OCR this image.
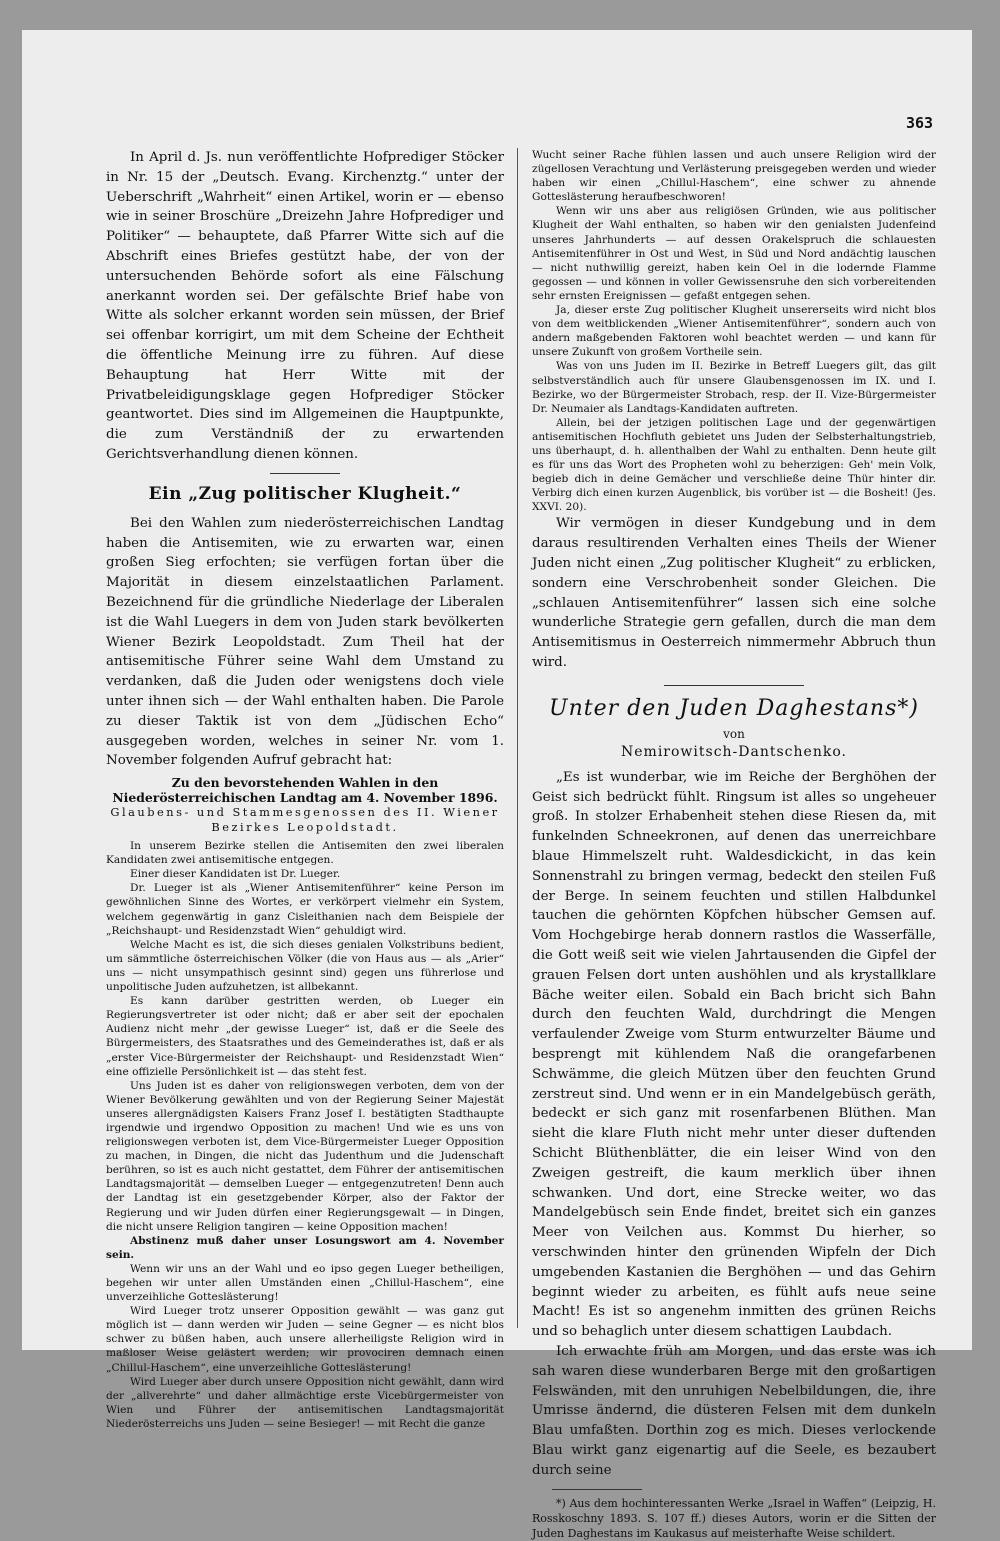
363

In April d. Js. nun veröffentlichte Hofprediger Stöcker in Nr. 15 der „Deutsch. Evang. Kirchenztg.“ unter der Ueberschrift „Wahrheit“ einen Artikel, worin er — ebenso wie in seiner Broschüre „Dreizehn Jahre Hofprediger und Politiker“ — behauptete, daß Pfarrer Witte sich auf die Abschrift eines Briefes gestützt habe, der von der untersuchenden Behörde sofort als eine Fälschung anerkannt worden sei. Der gefälschte Brief habe von Witte als solcher erkannt worden sein müssen, der Brief sei offenbar korrigirt, um mit dem Scheine der Echtheit die öffentliche Meinung irre zu führen. Auf diese Behauptung hat Herr Witte mit der Privatbeleidigungsklage gegen Hofprediger Stöcker geantwortet. Dies sind im Allgemeinen die Hauptpunkte, die zum Verständniß der zu erwartenden Gerichtsverhandlung dienen können.

Ein „Zug politischer Klugheit.“

Bei den Wahlen zum niederösterreichischen Landtag haben die Antisemiten, wie zu erwarten war, einen großen Sieg erfochten; sie verfügen fortan über die Majorität in diesem einzelstaatlichen Parlament. Bezeichnend für die gründliche Niederlage der Liberalen ist die Wahl Luegers in dem von Juden stark bevölkerten Wiener Bezirk Leopoldstadt. Zum Theil hat der antisemitische Führer seine Wahl dem Umstand zu verdanken, daß die Juden oder wenigstens doch viele unter ihnen sich — der Wahl enthalten haben. Die Parole zu dieser Taktik ist von dem „Jüdischen Echo“ ausgegeben worden, welches in seiner Nr. vom 1. November folgenden Aufruf gebracht hat:

Zu den bevorstehenden Wahlen in den Niederösterreichischen Landtag am 4. November 1896.
Glaubens- und Stammesgenossen des II. Wiener Bezirkes Leopoldstadt.

In unserem Bezirke stellen die Antisemiten den zwei liberalen Kandidaten zwei antisemitische entgegen.

Einer dieser Kandidaten ist Dr. Lueger.

Dr. Lueger ist als „Wiener Antisemitenführer“ keine Person im gewöhnlichen Sinne des Wortes, er verkörpert vielmehr ein System, welchem gegenwärtig in ganz Cisleithanien nach dem Beispiele der „Reichshaupt- und Residenzstadt Wien“ gehuldigt wird.

Welche Macht es ist, die sich dieses genialen Volkstribuns bedient, um sämmtliche österreichischen Völker (die von Haus aus — als „Arier“ uns — nicht unsympathisch gesinnt sind) gegen uns führerlose und unpolitische Juden aufzuhetzen, ist allbekannt.

Es kann darüber gestritten werden, ob Lueger ein Regierungsvertreter ist oder nicht; daß er aber seit der epochalen Audienz nicht mehr „der gewisse Lueger“ ist, daß er die Seele des Bürgermeisters, des Staatsrathes und des Gemeinderathes ist, daß er als „erster Vice-Bürgermeister der Reichshaupt- und Residenzstadt Wien“ eine offizielle Persönlichkeit ist — das steht fest.

Uns Juden ist es daher von religionswegen verboten, dem von der Wiener Bevölkerung gewählten und von der Regierung Seiner Majestät unseres allergnädigsten Kaisers Franz Josef I. bestätigten Stadthaupte irgendwie und irgendwo Opposition zu machen! Und wie es uns von religionswegen verboten ist, dem Vice-Bürgermeister Lueger Opposition zu machen, in Dingen, die nicht das Judenthum und die Judenschaft berühren, so ist es auch nicht gestattet, dem Führer der antisemitischen Landtagsmajorität — demselben Lueger — entgegenzutreten! Denn auch der Landtag ist ein gesetzgebender Körper, also der Faktor der Regierung und wir Juden dürfen einer Regierungsgewalt — in Dingen, die nicht unsere Religion tangiren — keine Opposition machen!

Abstinenz muß daher unser Losungswort am 4. November sein.

Wenn wir uns an der Wahl und eo ipso gegen Lueger betheiligen, begehen wir unter allen Umständen einen „Chillul-Haschem“, eine unverzeihliche Gotteslästerung!

Wird Lueger trotz unserer Opposition gewählt — was ganz gut möglich ist — dann werden wir Juden — seine Gegner — es nicht blos schwer zu büßen haben, auch unsere allerheiligste Religion wird in maßloser Weise gelästert werden; wir provociren demnach einen „Chillul-Haschem“, eine unverzeihliche Gotteslästerung!

Wird Lueger aber durch unsere Opposition nicht gewählt, dann wird der „allverehrte“ und daher allmächtige erste Vicebürgermeister von Wien und Führer der antisemitischen Landtagsmajorität Niederösterreichs uns Juden — seine Besieger! — mit Recht die ganze

Wucht seiner Rache fühlen lassen und auch unsere Religion wird der zügellosen Verachtung und Verlästerung preisgegeben werden und wieder haben wir einen „Chillul-Haschem“, eine schwer zu ahnende Gotteslästerung heraufbeschworen!

Wenn wir uns aber aus religiösen Gründen, wie aus politischer Klugheit der Wahl enthalten, so haben wir den genialsten Judenfeind unseres Jahrhunderts — auf dessen Orakelspruch die schlauesten Antisemitenführer in Ost und West, in Süd und Nord andächtig lauschen — nicht nuthwillig gereizt, haben kein Oel in die lodernde Flamme gegossen — und können in voller Gewissensruhe den sich vorbereitenden sehr ernsten Ereignissen — gefaßt entgegen sehen.

Ja, dieser erste Zug politischer Klugheit unsererseits wird nicht blos von dem weitblickenden „Wiener Antisemitenführer“, sondern auch von andern maßgebenden Faktoren wohl beachtet werden — und kann für unsere Zukunft von großem Vortheile sein.

Was von uns Juden im II. Bezirke in Betreff Luegers gilt, das gilt selbstverständlich auch für unsere Glaubensgenossen im IX. und I. Bezirke, wo der Bürgermeister Strobach, resp. der II. Vize-Bürgermeister Dr. Neumaier als Landtags-Kandidaten auftreten.

Allein, bei der jetzigen politischen Lage und der gegenwärtigen antisemitischen Hochfluth gebietet uns Juden der Selbsterhaltungstrieb, uns überhaupt, d. h. allenthalben der Wahl zu enthalten. Denn heute gilt es für uns das Wort des Propheten wohl zu beherzigen: Geh' mein Volk, begieb dich in deine Gemächer und verschließe deine Thür hinter dir. Verbirg dich einen kurzen Augenblick, bis vorüber ist — die Bosheit! (Jes. XXVI. 20).

Wir vermögen in dieser Kundgebung und in dem daraus resultirenden Verhalten eines Theils der Wiener Juden nicht einen „Zug politischer Klugheit“ zu erblicken, sondern eine Verschrobenheit sonder Gleichen. Die „schlauen Antisemitenführer“ lassen sich eine solche wunderliche Strategie gern gefallen, durch die man dem Antisemitismus in Oesterreich nimmermehr Abbruch thun wird.

Unter den Juden Daghestans*)
von
Nemirowitsch-Dantschenko.

„Es ist wunderbar, wie im Reiche der Berghöhen der Geist sich bedrückt fühlt. Ringsum ist alles so ungeheuer groß. In stolzer Erhabenheit stehen diese Riesen da, mit funkelnden Schneekronen, auf denen das unerreichbare blaue Himmelszelt ruht. Waldesdickicht, in das kein Sonnenstrahl zu bringen vermag, bedeckt den steilen Fuß der Berge. In seinem feuchten und stillen Halbdunkel tauchen die gehörnten Köpfchen hübscher Gemsen auf. Vom Hochgebirge herab donnern rastlos die Wasserfälle, die Gott weiß seit wie vielen Jahrtausenden die Gipfel der grauen Felsen dort unten aushöhlen und als krystallklare Bäche weiter eilen. Sobald ein Bach bricht sich Bahn durch den feuchten Wald, durchdringt die Mengen verfaulender Zweige vom Sturm entwurzelter Bäume und besprengt mit kühlendem Naß die orangefarbenen Schwämme, die gleich Mützen über den feuchten Grund zerstreut sind. Und wenn er in ein Mandelgebüsch geräth, bedeckt er sich ganz mit rosenfarbenen Blüthen. Man sieht die klare Fluth nicht mehr unter dieser duftenden Schicht Blüthenblätter, die ein leiser Wind von den Zweigen gestreift, die kaum merklich über ihnen schwanken. Und dort, eine Strecke weiter, wo das Mandelgebüsch sein Ende findet, breitet sich ein ganzes Meer von Veilchen aus. Kommst Du hierher, so verschwinden hinter den grünenden Wipfeln der Dich umgebenden Kastanien die Berghöhen — und das Gehirn beginnt wieder zu arbeiten, es fühlt aufs neue seine Macht! Es ist so angenehm inmitten des grünen Reichs und so behaglich unter diesem schattigen Laubdach.

Ich erwachte früh am Morgen, und das erste was ich sah waren diese wunderbaren Berge mit den großartigen Felswänden, mit den unruhigen Nebelbildungen, die, ihre Umrisse ändernd, die düsteren Felsen mit dem dunkeln Blau umfaßten. Dorthin zog es mich. Dieses verlockende Blau wirkt ganz eigenartig auf die Seele, es bezaubert durch seine

*) Aus dem hochinteressanten Werke „Israel in Waffen“ (Leipzig, H. Rosskoschny 1893. S. 107 ff.) dieses Autors, worin er die Sitten der Juden Daghestans im Kaukasus auf meisterhafte Weise schildert.
